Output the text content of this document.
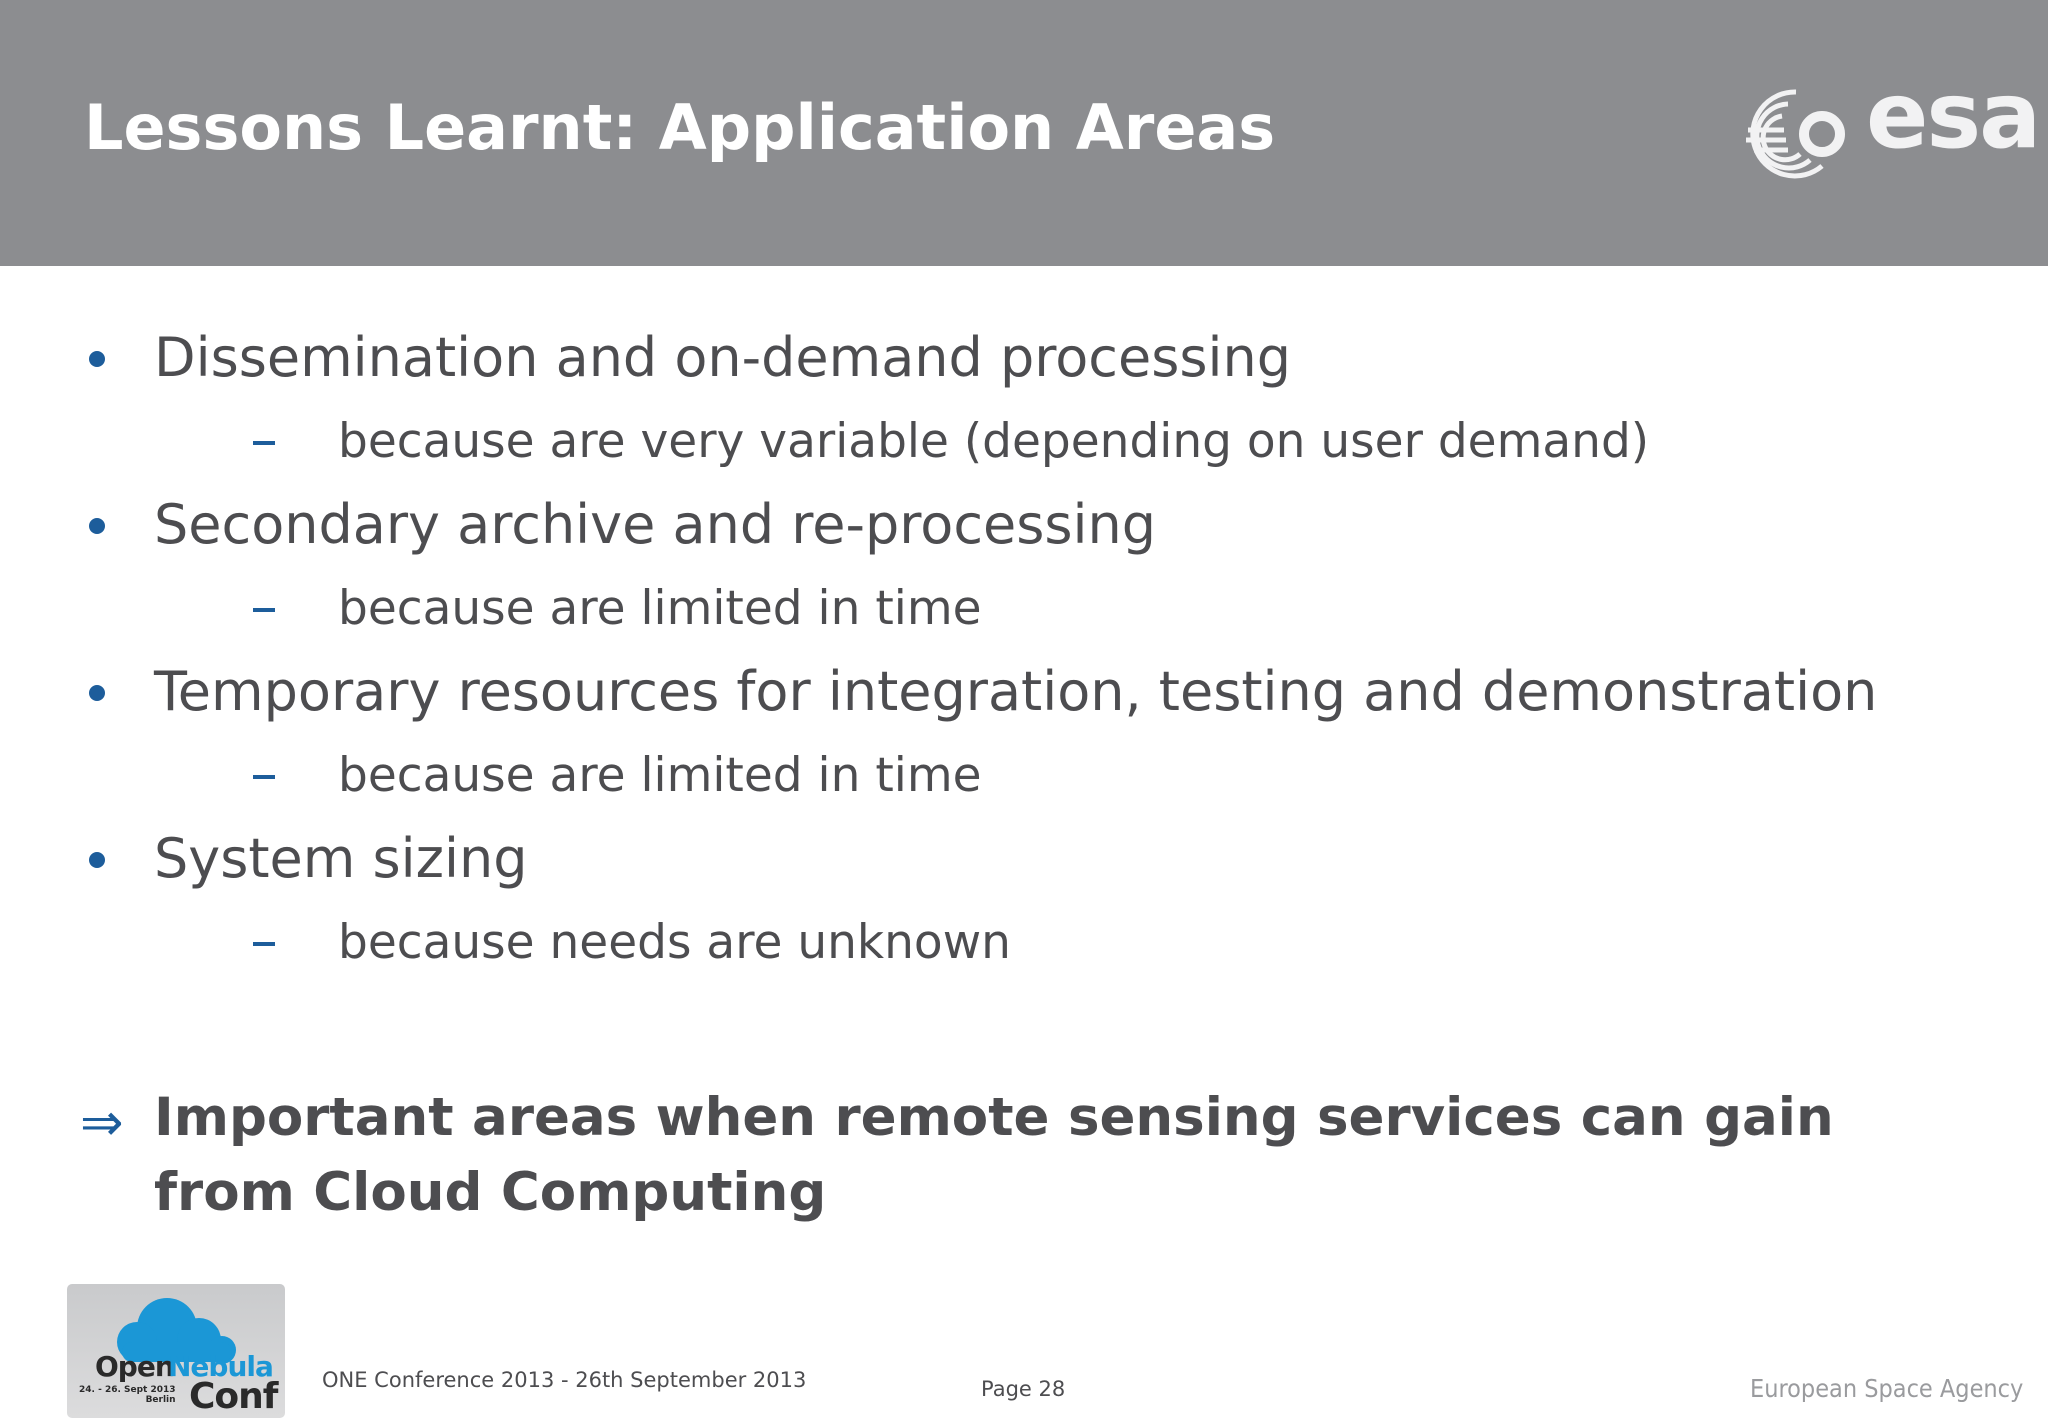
Lessons Learnt: Application Areas	esa
Dissemination and on-demand processing
because are very variable (depending on user demand)
Secondary archive and re-processing
because are limited in time
Temporary resources for integration, testing and demonstration
because are limited in time
System sizing
because needs are unknown
⇒ Important areas when remote sensing services can gain from Cloud Computing
Open
Nebula
24. - 26. Sept 2013
Berlin Conf ONE Conference 2013 - 26th September 2013	Page 28	European Space Agency
